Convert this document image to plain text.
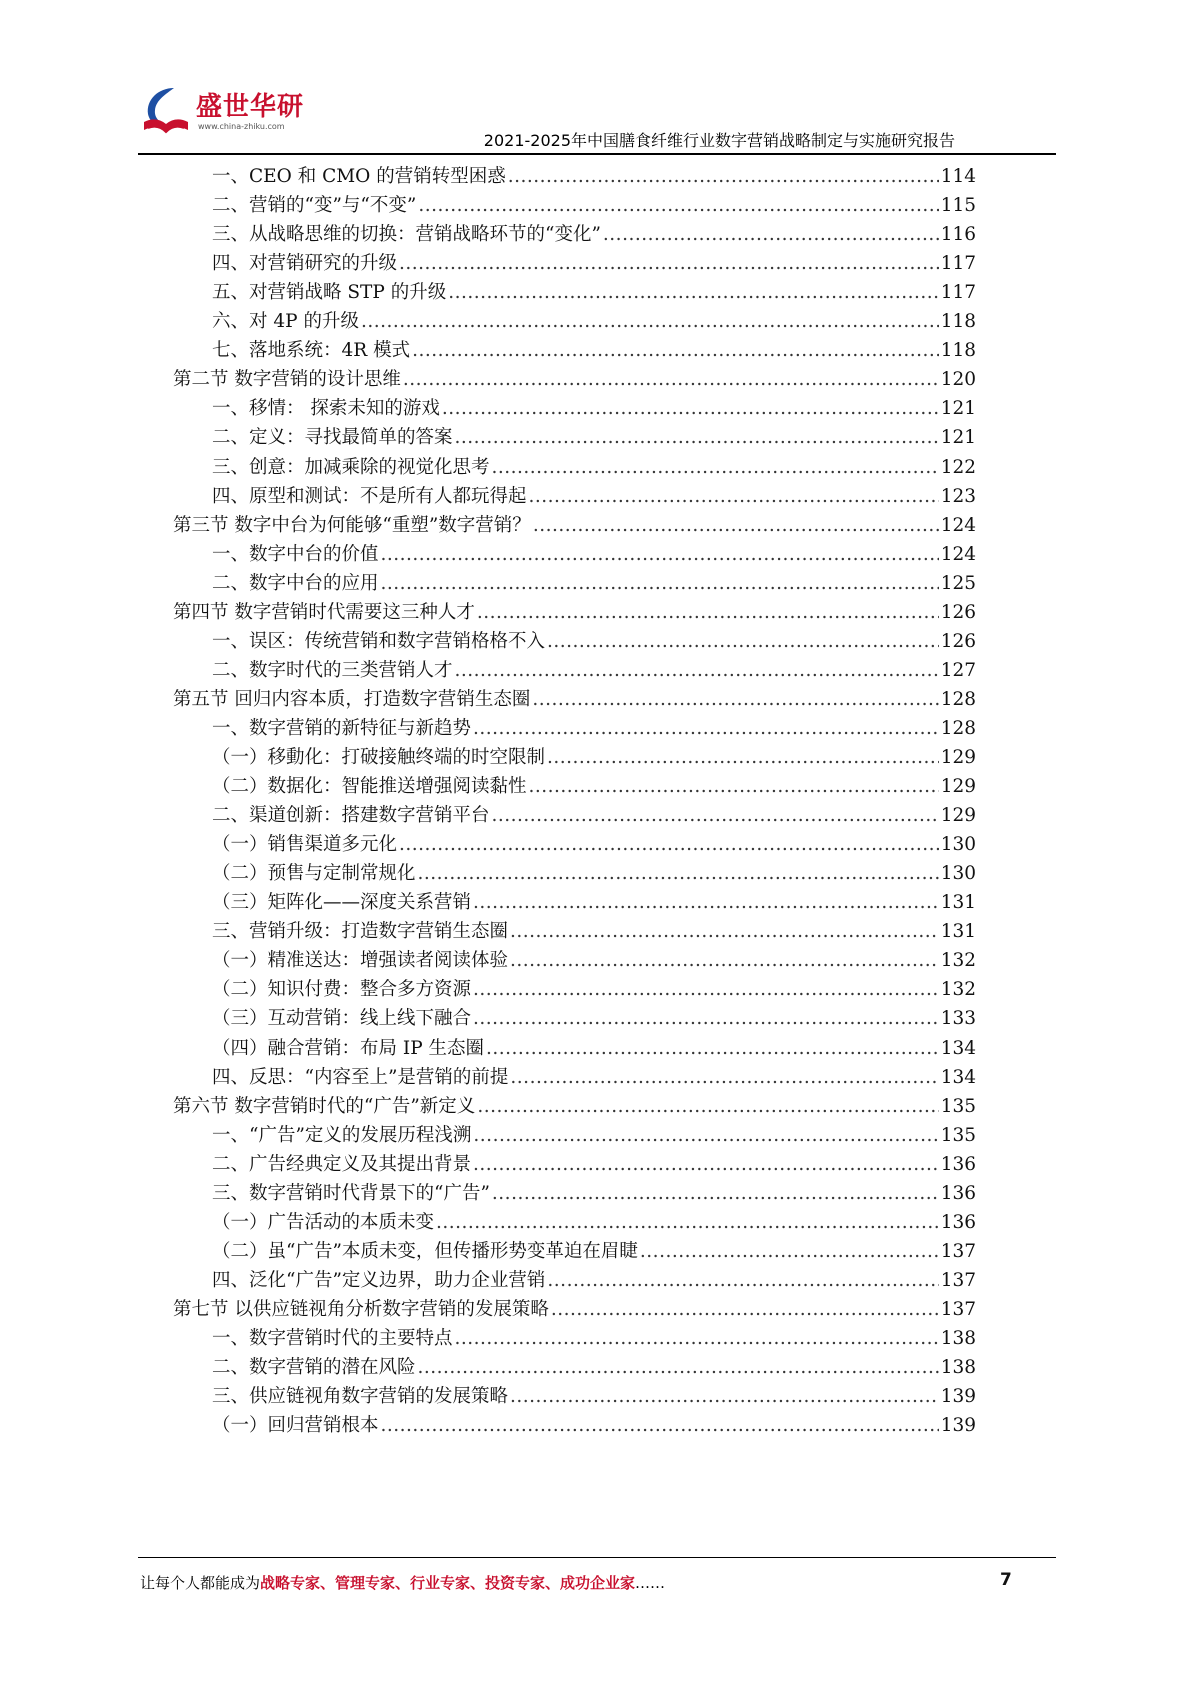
盛世华研
www.china-zhiku.com
2021-2025年中国膳食纤维行业数字营销战略制定与实施研究报告
一、CEO 和 CMO 的营销转型困惑 .....	114
二、营销的“变”与“不变” .....	115
三、从战略思维的切换：营销战略环节的“变化” .....	116
四、对营销研究的升级 .....	117
五、对营销战略 STP 的升级 .....	117
六、对 4P 的升级 .....	118
七、落地系统：4R 模式 .....	118
第二节 数字营销的设计思维 .....	120
一、移情： 探索未知的游戏 .....	121
二、定义：寻找最简单的答案 .....	121
三、创意：加减乘除的视觉化思考 .....	122
四、原型和测试：不是所有人都玩得起 .....	123
第三节 数字中台为何能够“重塑”数字营销？ .....	124
一、数字中台的价值 .....	124
二、数字中台的应用 .....	125
第四节 数字营销时代需要这三种人才 .....	126
一、误区：传统营销和数字营销格格不入 .....	126
二、数字时代的三类营销人才 .....	127
第五节 回归内容本质，打造数字营销生态圈 .....	128
一、数字营销的新特征与新趋势 .....	128
（一）移動化：打破接触终端的时空限制 .....	129
（二）数据化：智能推送增强阅读黏性 .....	129
二、渠道创新：搭建数字营销平台 .....	129
（一）销售渠道多元化 .....	130
（二）预售与定制常规化 .....	130
（三）矩阵化——深度关系营销 .....	131
三、营销升级：打造数字营销生态圈 .....	131
（一）精准送达：增强读者阅读体验 .....	132
（二）知识付费：整合多方资源 .....	132
（三）互动营销：线上线下融合 .....	133
（四）融合营销：布局 IP 生态圈 .....	134
四、反思：“内容至上”是营销的前提 .....	134
第六节 数字营销时代的“广告”新定义 .....	135
一、“广告”定义的发展历程浅溯 .....	135
二、广告经典定义及其提出背景 .....	136
三、数字营销时代背景下的“广告” .....	136
（一）广告活动的本质未变 .....	136
（二）虽“广告”本质未变，但传播形势变革迫在眉睫 .....	137
四、泛化“广告”定义边界，助力企业营销 .....	137
第七节 以供应链视角分析数字营销的发展策略 .....	137
一、数字营销时代的主要特点 .....	138
二、数字营销的潜在风险 .....	138
三、供应链视角数字营销的发展策略 .....	139
（一）回归营销根本 .....	139
让每个人都能成为战略专家、管理专家、行业专家、投资专家、成功企业家……	7
